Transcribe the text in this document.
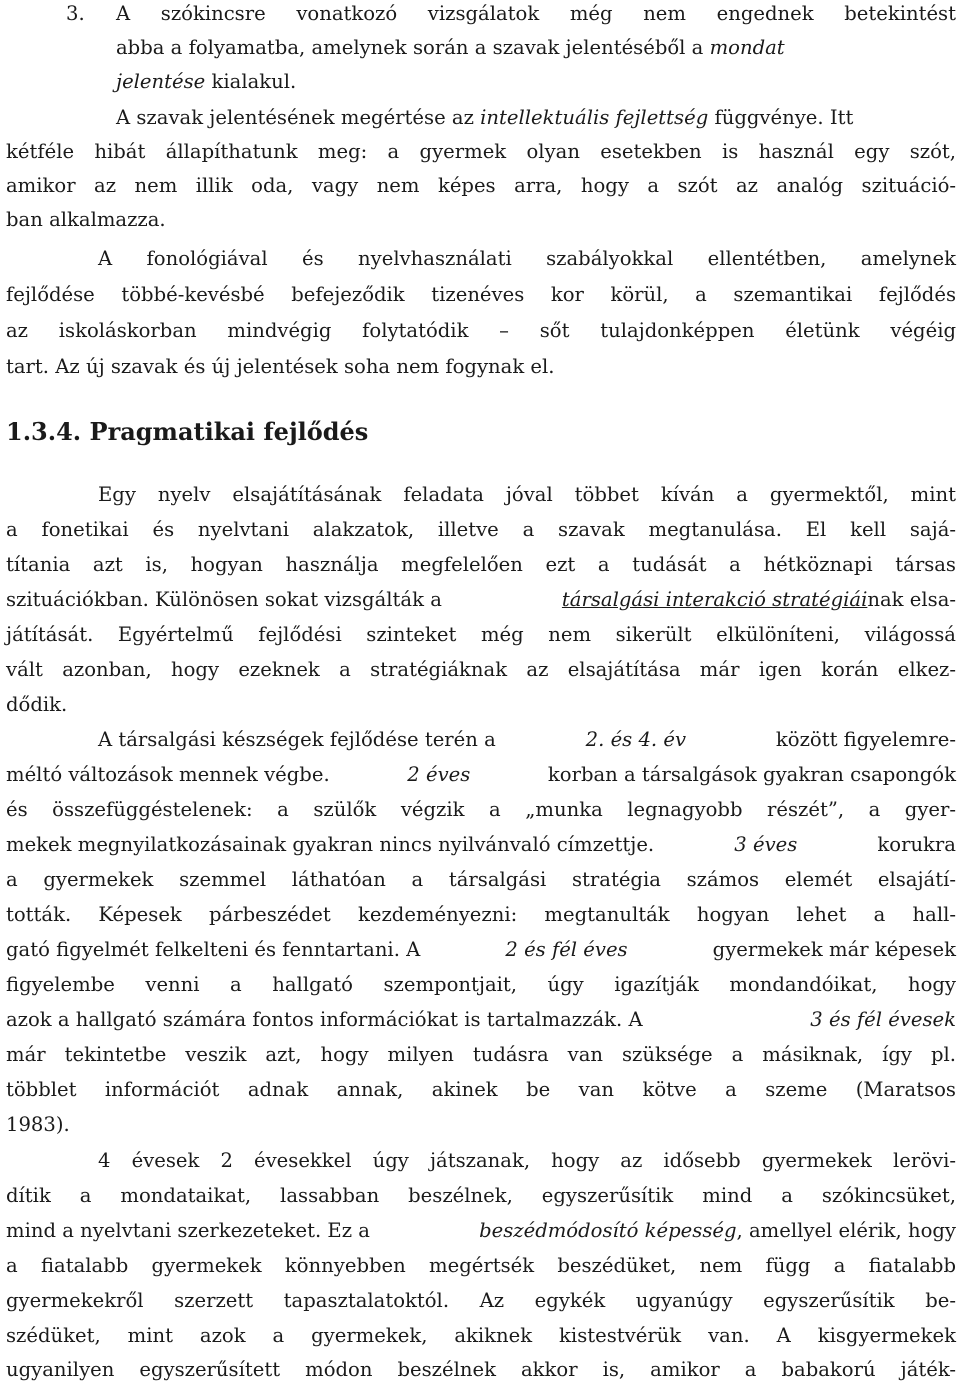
3. A szókincsre vonatkozó vizsgálatok még nem engednek betekintést
abba a folyamatba, amelynek során a szavak jelentéséből a
mondat
jelentése
kialakul.
A szavak jelentésének megértése az
intellektuális fejlettség
függvénye. Itt
kétféle hibát állapíthatunk meg: a gyermek olyan esetekben is használ egy szót,
amikor az nem illik oda, vagy nem képes arra, hogy a szót az analóg szituáció-
ban alkalmazza.
A fonológiával és nyelvhasználati szabályokkal ellentétben, amelynek
fejlődése többé-kevésbé befejeződik tizenéves kor körül, a szemantikai fejlődés
az iskoláskorban mindvégig folytatódik – sőt tulajdonképpen életünk végéig
tart. Az új szavak és új jelentések soha nem fogynak el.
1.3.4. Pragmatikai fejlődés
Egy nyelv elsajátításának feladata jóval többet kíván a gyermektől, mint
a fonetikai és nyelvtani alakzatok, illetve a szavak megtanulása. El kell sajá-
títania azt is, hogyan használja megfelelően ezt a tudását a hétköznapi társas
szituációkban. Különösen sokat vizsgálták a	társalgási interakció stratégiáinak elsa-
játítását. Egyértelmű fejlődési szinteket még nem sikerült elkülöníteni, világossá
vált azonban, hogy ezeknek a stratégiáknak az elsajátítása már igen korán elkez-
dődik.
A társalgási készségek fejlődése terén a	2. és 4. év	között figyelemre-
méltó változások mennek végbe.	2 éves	korban a társalgások gyakran csapongók
és összefüggéstelenek: a szülők végzik a „munka legnagyobb részét”, a gyer-
mekek megnyilatkozásainak gyakran nincs nyilvánvaló címzettje.	3 éves	korukra
a gyermekek szemmel láthatóan a társalgási stratégia számos elemét elsajátí-
tották. Képesek párbeszédet kezdeményezni: megtanulták hogyan lehet a hall-
gató figyelmét felkelteni és fenntartani. A	2 és fél éves	gyermekek már képesek
figyelembe venni a hallgató szempontjait, úgy igazítják mondandóikat, hogy
azok a hallgató számára fontos információkat is tartalmazzák. A	3 és fél évesek
már tekintetbe veszik azt, hogy milyen tudásra van szüksége a másiknak, így pl.
többlet információt adnak annak, akinek be van kötve a szeme (Maratsos
1983).
4 évesek 2 évesekkel úgy játszanak, hogy az idősebb gyermekek lerövi-
dítik a mondataikat, lassabban beszélnek, egyszerűsítik mind a szókincsüket,
mind a nyelvtani szerkezeteket. Ez a	beszédmódosító képesség, amellyel elérik, hogy
a fiatalabb gyermekek könnyebben megértsék beszédüket, nem függ a fiatalabb
gyermekekről szerzett tapasztalatoktól. Az egykék ugyanúgy egyszerűsítik be-
szédüket, mint azok a gyermekek, akiknek kistestvérük van. A kisgyermekek
ugyanilyen egyszerűsített módon beszélnek akkor is, amikor a babakorú játék-
